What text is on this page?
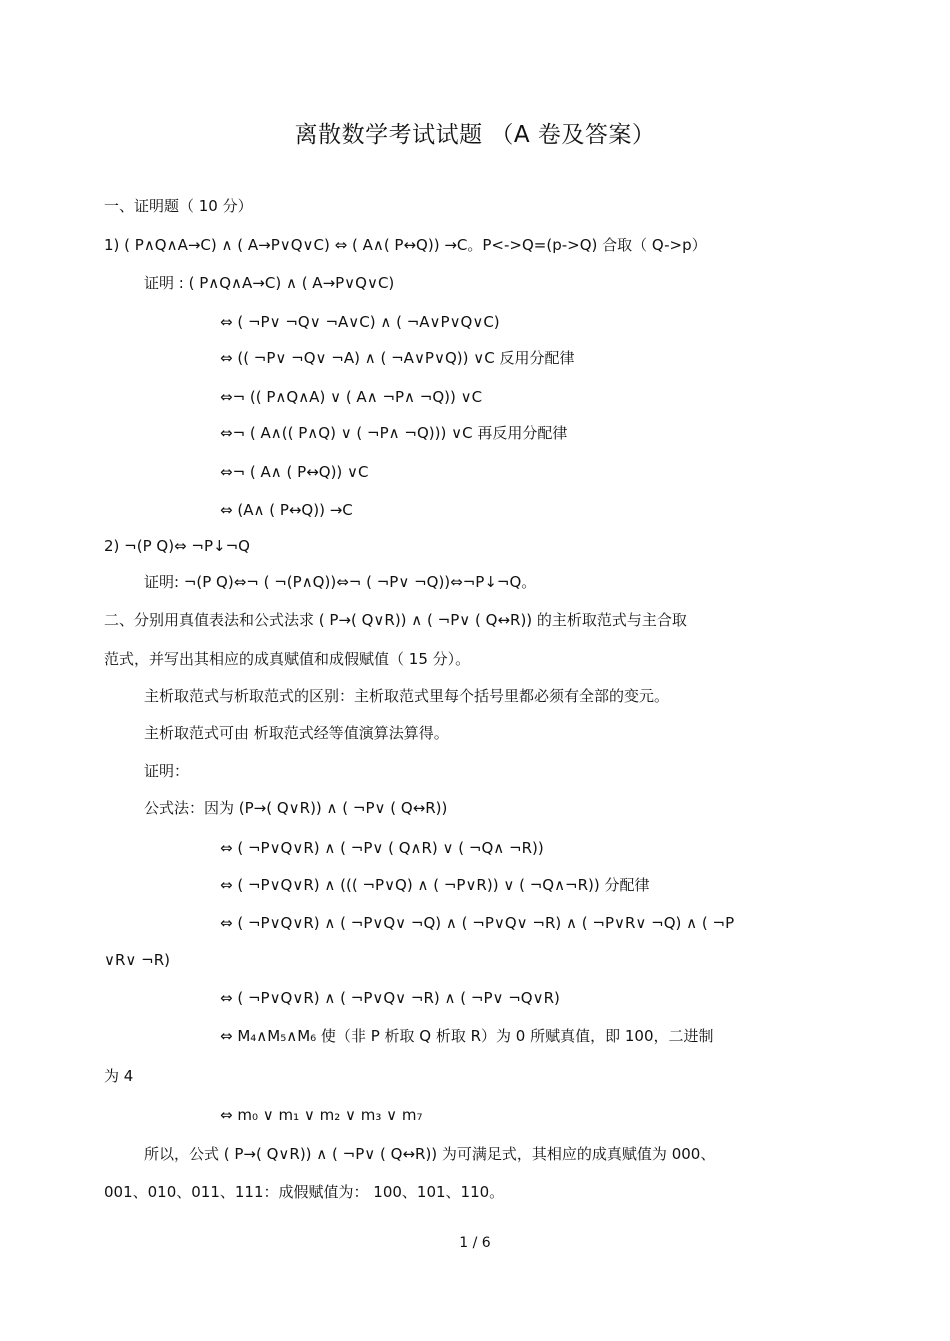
离散数学考试试题 （A 卷及答案）
一、证明题（ 10 分）
1) ( P∧Q∧A→C) ∧ ( A→P∨Q∨C) ⇔ ( A∧( P↔Q)) →C。P<->Q=(p->Q) 合取（ Q->p）
证明 : ( P∧Q∧A→C) ∧ ( A→P∨Q∨C)
⇔ ( ¬P∨ ¬Q∨ ¬A∨C) ∧ ( ¬A∨P∨Q∨C)
⇔ (( ¬P∨ ¬Q∨ ¬A) ∧ ( ¬A∨P∨Q)) ∨C 反用分配律
⇔¬ (( P∧Q∧A) ∨ ( A∧ ¬P∧ ¬Q)) ∨C
⇔¬ ( A∧(( P∧Q) ∨ ( ¬P∧ ¬Q))) ∨C 再反用分配律
⇔¬ ( A∧ ( P↔Q)) ∨C
⇔ (A∧ ( P↔Q)) →C
2) ¬(P Q)⇔ ¬P↓¬Q
证明: ¬(P Q)⇔¬ ( ¬(P∧Q))⇔¬ ( ¬P∨ ¬Q))⇔¬P↓¬Q。
二、分别用真值表法和公式法求 ( P→( Q∨R)) ∧ ( ¬P∨ ( Q↔R)) 的主析取范式与主合取
范式，并写出其相应的成真赋值和成假赋值（ 15 分）。
主析取范式与析取范式的区别：主析取范式里每个括号里都必须有全部的变元。
主析取范式可由 析取范式经等值演算法算得。
证明：
公式法：因为 (P→( Q∨R)) ∧ ( ¬P∨ ( Q↔R))
⇔ ( ¬P∨Q∨R) ∧ ( ¬P∨ ( Q∧R) ∨ ( ¬Q∧ ¬R))
⇔ ( ¬P∨Q∨R) ∧ ((( ¬P∨Q) ∧ ( ¬P∨R)) ∨ ( ¬Q∧¬R)) 分配律
⇔ ( ¬P∨Q∨R) ∧ ( ¬P∨Q∨ ¬Q) ∧ ( ¬P∨Q∨ ¬R) ∧ ( ¬P∨R∨ ¬Q) ∧ ( ¬P
∨R∨ ¬R)
⇔ ( ¬P∨Q∨R) ∧ ( ¬P∨Q∨ ¬R) ∧ ( ¬P∨ ¬Q∨R)
⇔ M₄∧M₅∧M₆ 使（非 P 析取 Q 析取 R）为 0 所赋真值，即 100，二进制
为 4
⇔ m₀ ∨ m₁ ∨ m₂ ∨ m₃ ∨ m₇
所以，公式 ( P→( Q∨R)) ∧ ( ¬P∨ ( Q↔R)) 为可满足式，其相应的成真赋值为 000、
001、010、011、111：成假赋值为： 100、101、110。
1 / 6
